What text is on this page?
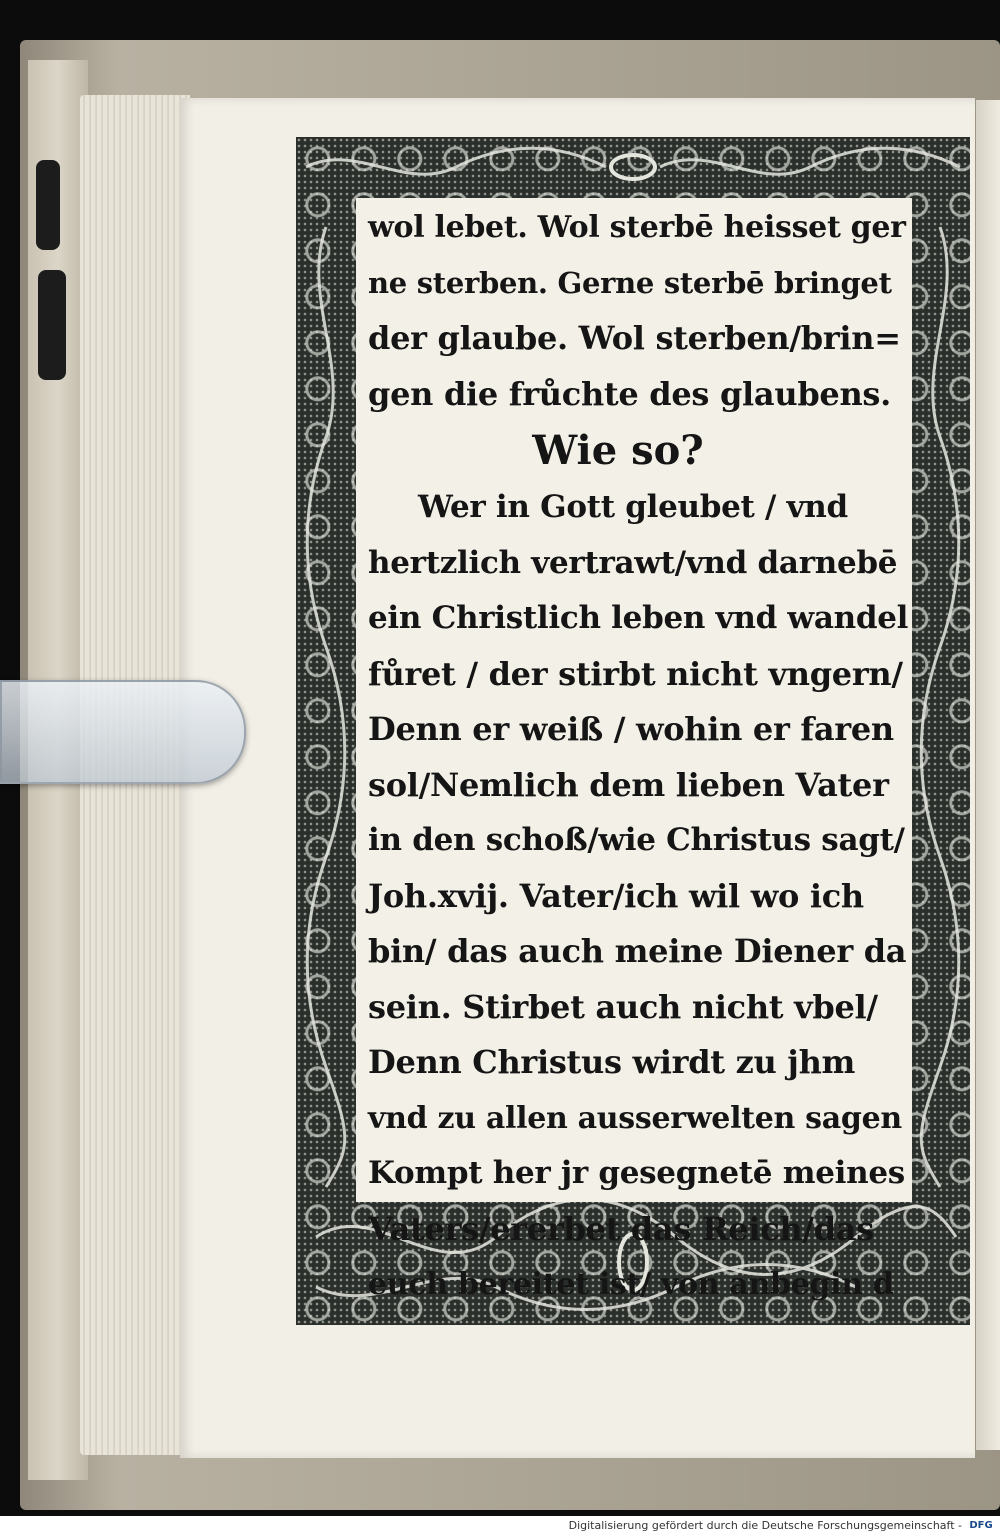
wol lebet. Wol sterbē heisset ger
ne sterben. Gerne sterbē bringet
der glaube. Wol sterben/brin=
gen die frůchte des glaubens.
Wie so?
Wer in Gott gleubet / vnd
hertzlich vertrawt/vnd darnebē
ein Christlich leben vnd wandel
fůret / der stirbt nicht vngern/
Denn er weiß / wohin er faren
sol/Nemlich dem lieben Vater
in den schoß/wie Christus sagt/
Joh.xvij. Vater/ich wil wo ich
bin/ das auch meine Diener da
sein. Stirbet auch nicht vbel/
Denn Christus wirdt zu jhm
vnd zu allen ausserwelten sagen
Kompt her jr gesegnetē meines
Vaters/ererbet das Reich/das
euch bereitet ist/ von anbegin d
Digitalisierung gefördert durch die Deutsche Forschungsgemeinschaft - DFG
